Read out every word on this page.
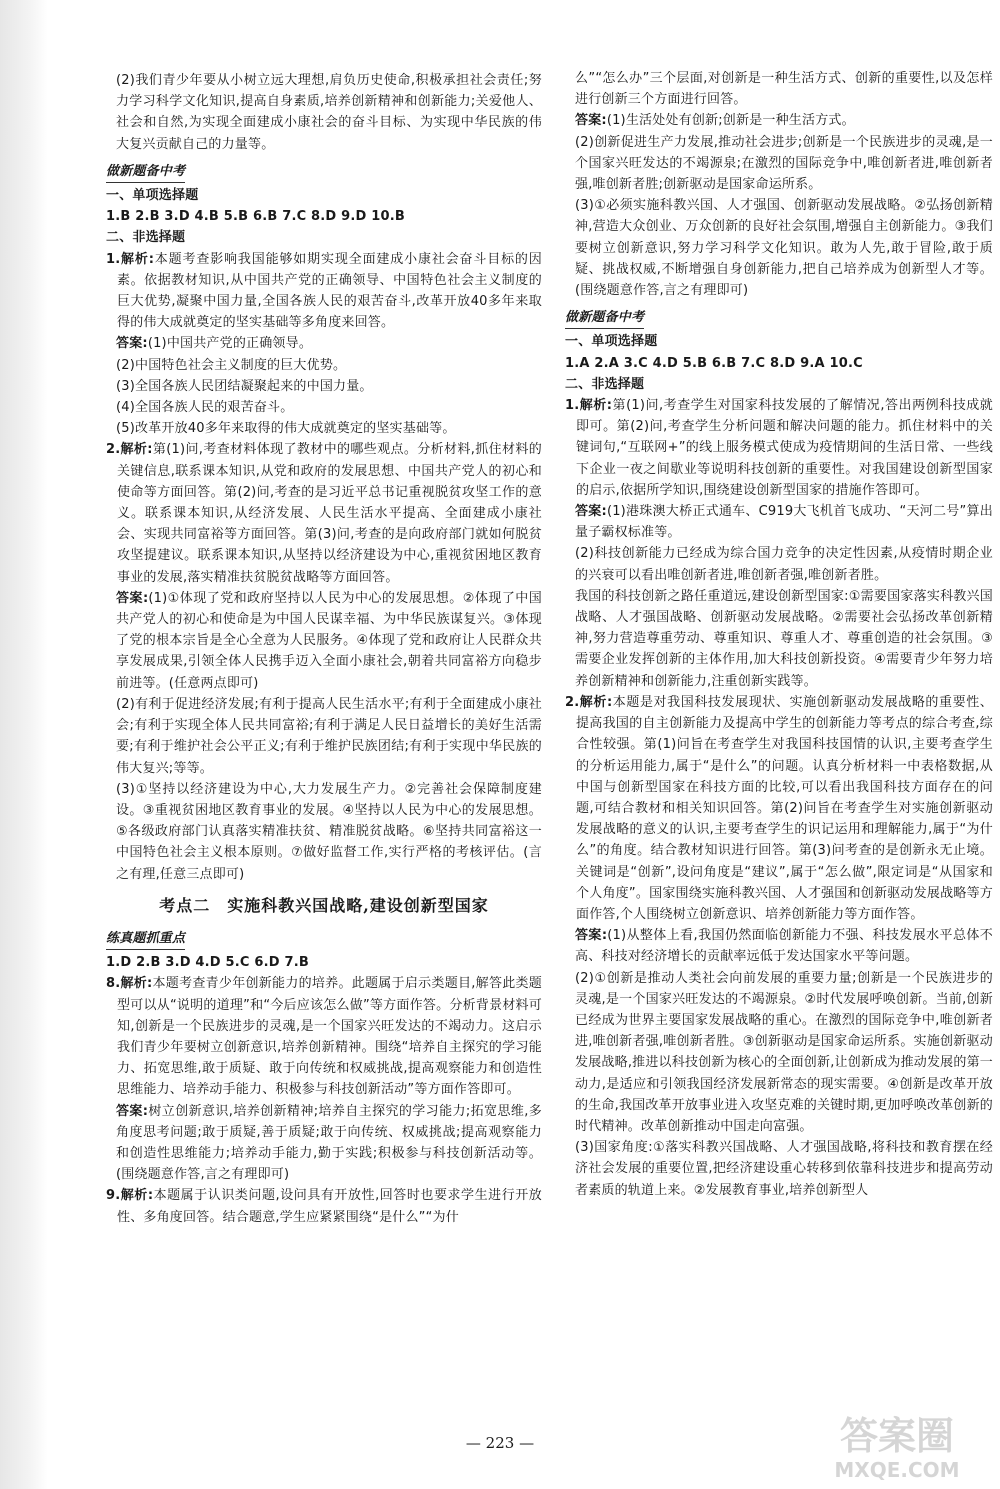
(2)我们青少年要从小树立远大理想,肩负历史使命,积极承担社会责任;努力学习科学文化知识,提高自身素质,培养创新精神和创新能力;关爱他人、社会和自然,为实现全面建成小康社会的奋斗目标、为实现中华民族的伟大复兴贡献自己的力量等。
做新题备中考
一、单项选择题
1.B 2.B 3.D 4.B 5.B 6.B 7.C 8.D 9.D 10.B
二、非选择题
1.解析:本题考查影响我国能够如期实现全面建成小康社会奋斗目标的因素。依据教材知识,从中国共产党的正确领导、中国特色社会主义制度的巨大优势,凝聚中国力量,全国各族人民的艰苦奋斗,改革开放40多年来取得的伟大成就奠定的坚实基础等多角度来回答。
答案:(1)中国共产党的正确领导。
(2)中国特色社会主义制度的巨大优势。
(3)全国各族人民团结凝聚起来的中国力量。
(4)全国各族人民的艰苦奋斗。
(5)改革开放40多年来取得的伟大成就奠定的坚实基础等。
2.解析:第(1)问,考查材料体现了教材中的哪些观点。分析材料,抓住材料的关键信息,联系课本知识,从党和政府的发展思想、中国共产党人的初心和使命等方面回答。第(2)问,考查的是习近平总书记重视脱贫攻坚工作的意义。联系课本知识,从经济发展、人民生活水平提高、全面建成小康社会、实现共同富裕等方面回答。第(3)问,考查的是向政府部门就如何脱贫攻坚提建议。联系课本知识,从坚持以经济建设为中心,重视贫困地区教育事业的发展,落实精准扶贫脱贫战略等方面回答。
答案:(1)①体现了党和政府坚持以人民为中心的发展思想。②体现了中国共产党人的初心和使命是为中国人民谋幸福、为中华民族谋复兴。③体现了党的根本宗旨是全心全意为人民服务。④体现了党和政府让人民群众共享发展成果,引领全体人民携手迈入全面小康社会,朝着共同富裕方向稳步前进等。(任意两点即可)
(2)有利于促进经济发展;有利于提高人民生活水平;有利于全面建成小康社会;有利于实现全体人民共同富裕;有利于满足人民日益增长的美好生活需要;有利于维护社会公平正义;有利于维护民族团结;有利于实现中华民族的伟大复兴;等等。
(3)①坚持以经济建设为中心,大力发展生产力。②完善社会保障制度建设。③重视贫困地区教育事业的发展。④坚持以人民为中心的发展思想。⑤各级政府部门认真落实精准扶贫、精准脱贫战略。⑥坚持共同富裕这一中国特色社会主义根本原则。⑦做好监督工作,实行严格的考核评估。(言之有理,任意三点即可)
考点二　实施科教兴国战略,建设创新型国家
练真题抓重点
1.D 2.B 3.D 4.D 5.C 6.D 7.B
8.解析:本题考查青少年创新能力的培养。此题属于启示类题目,解答此类题型可以从“说明的道理”和“今后应该怎么做”等方面作答。分析背景材料可知,创新是一个民族进步的灵魂,是一个国家兴旺发达的不竭动力。这启示我们青少年要树立创新意识,培养创新精神。围绕“培养自主探究的学习能力、拓宽思维,敢于质疑、敢于向传统和权威挑战,提高观察能力和创造性思维能力、培养动手能力、积极参与科技创新活动”等方面作答即可。
答案:树立创新意识,培养创新精神;培养自主探究的学习能力;拓宽思维,多角度思考问题;敢于质疑,善于质疑;敢于向传统、权威挑战;提高观察能力和创造性思维能力;培养动手能力,勤于实践;积极参与科技创新活动等。(围绕题意作答,言之有理即可)
9.解析:本题属于认识类问题,设问具有开放性,回答时也要求学生进行开放性、多角度回答。结合题意,学生应紧紧围绕“是什么”“为什
么”“怎么办”三个层面,对创新是一种生活方式、创新的重要性,以及怎样进行创新三个方面进行回答。
答案:(1)生活处处有创新;创新是一种生活方式。
(2)创新促进生产力发展,推动社会进步;创新是一个民族进步的灵魂,是一个国家兴旺发达的不竭源泉;在激烈的国际竞争中,唯创新者进,唯创新者强,唯创新者胜;创新驱动是国家命运所系。
(3)①必须实施科教兴国、人才强国、创新驱动发展战略。②弘扬创新精神,营造大众创业、万众创新的良好社会氛围,增强自主创新能力。③我们要树立创新意识,努力学习科学文化知识。敢为人先,敢于冒险,敢于质疑、挑战权威,不断增强自身创新能力,把自己培养成为创新型人才等。(围绕题意作答,言之有理即可)
做新题备中考
一、单项选择题
1.A 2.A 3.C 4.D 5.B 6.B 7.C 8.D 9.A 10.C
二、非选择题
1.解析:第(1)问,考查学生对国家科技发展的了解情况,答出两例科技成就即可。第(2)问,考查学生分析问题和解决问题的能力。抓住材料中的关键词句,“互联网+”的线上服务模式使成为疫情期间的生活日常、一些线下企业一夜之间歇业等说明科技创新的重要性。对我国建设创新型国家的启示,依据所学知识,围绕建设创新型国家的措施作答即可。
答案:(1)港珠澳大桥正式通车、C919大飞机首飞成功、“天河二号”算出量子霸权标准等。
(2)科技创新能力已经成为综合国力竞争的决定性因素,从疫情时期企业的兴衰可以看出唯创新者进,唯创新者强,唯创新者胜。
我国的科技创新之路任重道远,建设创新型国家:①需要国家落实科教兴国战略、人才强国战略、创新驱动发展战略。②需要社会弘扬改革创新精神,努力营造尊重劳动、尊重知识、尊重人才、尊重创造的社会氛围。③需要企业发挥创新的主体作用,加大科技创新投资。④需要青少年努力培养创新精神和创新能力,注重创新实践等。
2.解析:本题是对我国科技发展现状、实施创新驱动发展战略的重要性、提高我国的自主创新能力及提高中学生的创新能力等考点的综合考查,综合性较强。第(1)问旨在考查学生对我国科技国情的认识,主要考查学生的分析运用能力,属于“是什么”的问题。认真分析材料一中表格数据,从中国与创新型国家在科技方面的比较,可以看出我国科技方面存在的问题,可结合教材和相关知识回答。第(2)问旨在考查学生对实施创新驱动发展战略的意义的认识,主要考查学生的识记运用和理解能力,属于“为什么”的角度。结合教材知识进行回答。第(3)问考查的是创新永无止境。关键词是“创新”,设问角度是“建议”,属于“怎么做”,限定词是“从国家和个人角度”。国家围绕实施科教兴国、人才强国和创新驱动发展战略等方面作答,个人围绕树立创新意识、培养创新能力等方面作答。
答案:(1)从整体上看,我国仍然面临创新能力不强、科技发展水平总体不高、科技对经济增长的贡献率远低于发达国家水平等问题。
(2)①创新是推动人类社会向前发展的重要力量;创新是一个民族进步的灵魂,是一个国家兴旺发达的不竭源泉。②时代发展呼唤创新。当前,创新已经成为世界主要国家发展战略的重心。在激烈的国际竞争中,唯创新者进,唯创新者强,唯创新者胜。③创新驱动是国家命运所系。实施创新驱动发展战略,推进以科技创新为核心的全面创新,让创新成为推动发展的第一动力,是适应和引领我国经济发展新常态的现实需要。④创新是改革开放的生命,我国改革开放事业进入攻坚克难的关键时期,更加呼唤改革创新的时代精神。改革创新推动中国走向富强。
(3)国家角度:①落实科教兴国战略、人才强国战略,将科技和教育摆在经济社会发展的重要位置,把经济建设重心转移到依靠科技进步和提高劳动者素质的轨道上来。②发展教育事业,培养创新型人
— 223 —	答案圈
MXQE.COM
